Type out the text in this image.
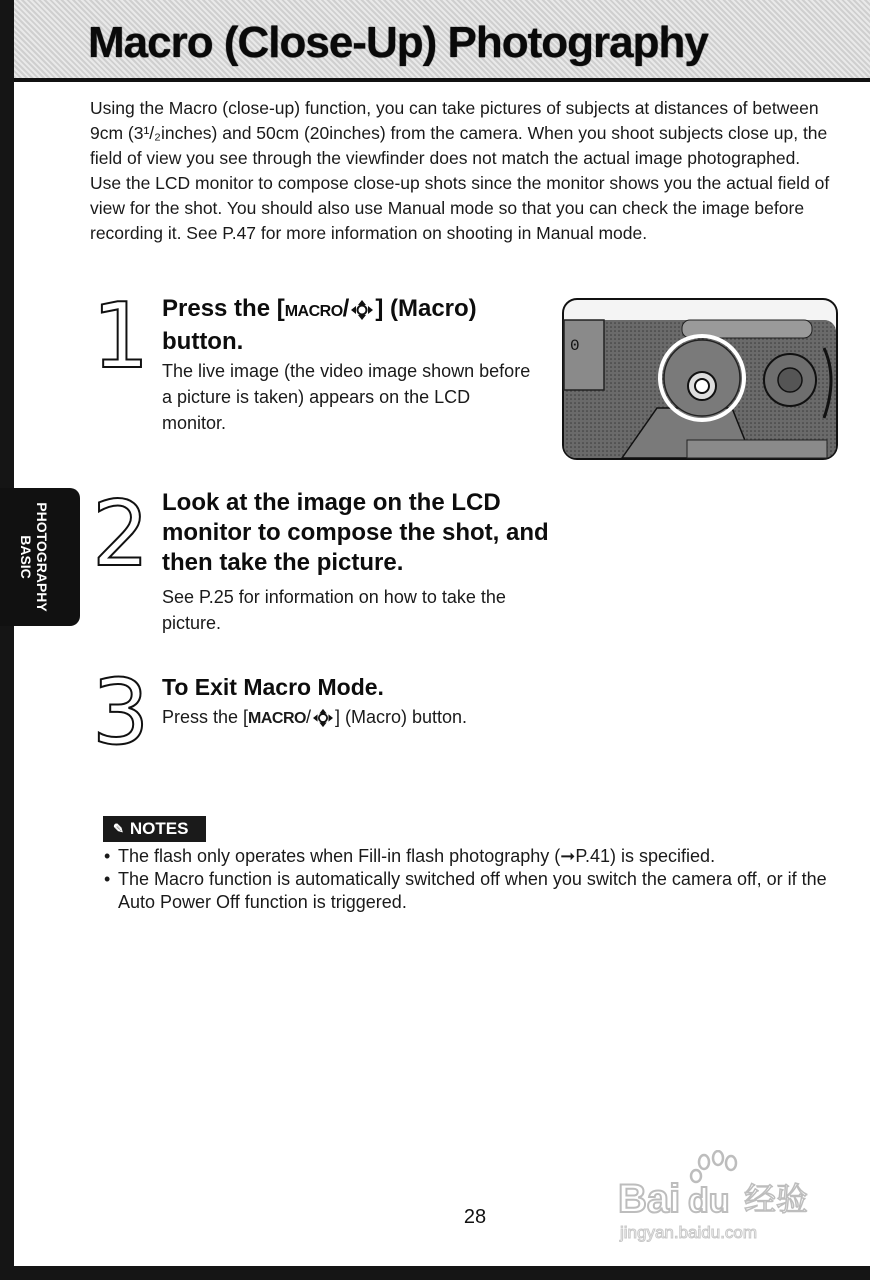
Macro (Close-Up) Photography

Using the Macro (close-up) function, you can take pictures of subjects at distances of between 9cm (3¹/₂inches) and 50cm (20inches) from the camera. When you shoot subjects close up, the field of view you see through the viewfinder does not match the actual image photographed. Use the LCD monitor to compose close-up shots since the monitor shows you the actual field of view for the shot. You should also use Manual mode so that you can check the image before recording it. See P.47 for more information on shooting in Manual mode.

1 Press the [MACRO/ ] (Macro) button.

The live image (the video image shown before a picture is taken) appears on the LCD monitor.

0
PHOTOGRAPHY
BASIC 2 Look at the image on the LCD monitor to compose the shot, and then take the picture.

See P.25 for information on how to take the picture.

3 To Exit Macro Mode.

Press the [MACRO/ ] (Macro) button.

✎ NOTES
• The flash only operates when Fill-in flash photography (➞P.41) is specified.
• The Macro function is automatically switched off when you switch the camera off, or if the Auto Power Off function is triggered.
28	Bai du 经验
jingyan.baidu.com
